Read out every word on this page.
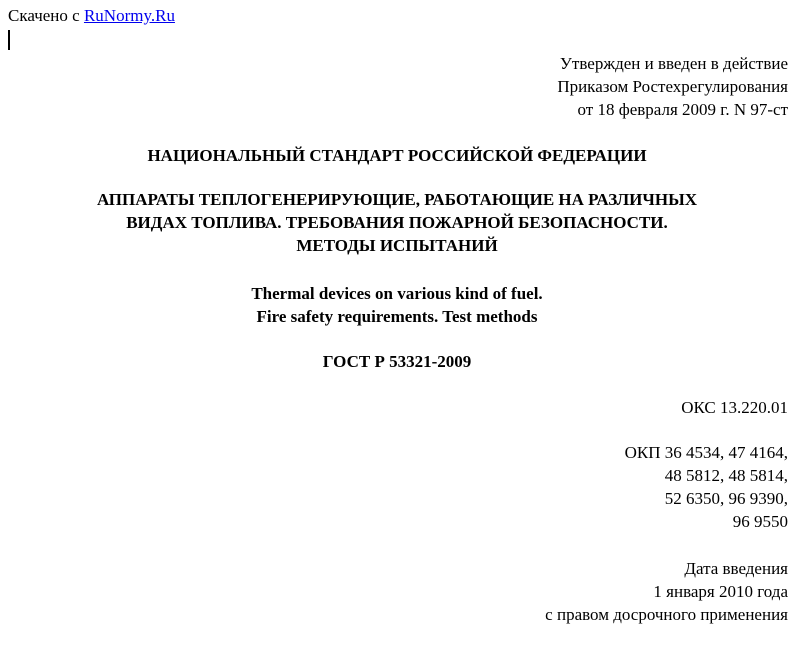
Скачено с RuNormy.Ru
Утвержден и введен в действие
Приказом Ростехрегулирования
от 18 февраля 2009 г. N 97-ст
НАЦИОНАЛЬНЫЙ СТАНДАРТ РОССИЙСКОЙ ФЕДЕРАЦИИ
АППАРАТЫ ТЕПЛОГЕНЕРИРУЮЩИЕ, РАБОТАЮЩИЕ НА РАЗЛИЧНЫХ
ВИДАХ ТОПЛИВА. ТРЕБОВАНИЯ ПОЖАРНОЙ БЕЗОПАСНОСТИ.
МЕТОДЫ ИСПЫТАНИЙ
Thermal devices on various kind of fuel.
Fire safety requirements. Test methods
ГОСТ Р 53321-2009
ОКС 13.220.01
ОКП 36 4534, 47 4164,
48 5812, 48 5814,
52 6350, 96 9390,
96 9550
Дата введения
1 января 2010 года
с правом досрочного применения
